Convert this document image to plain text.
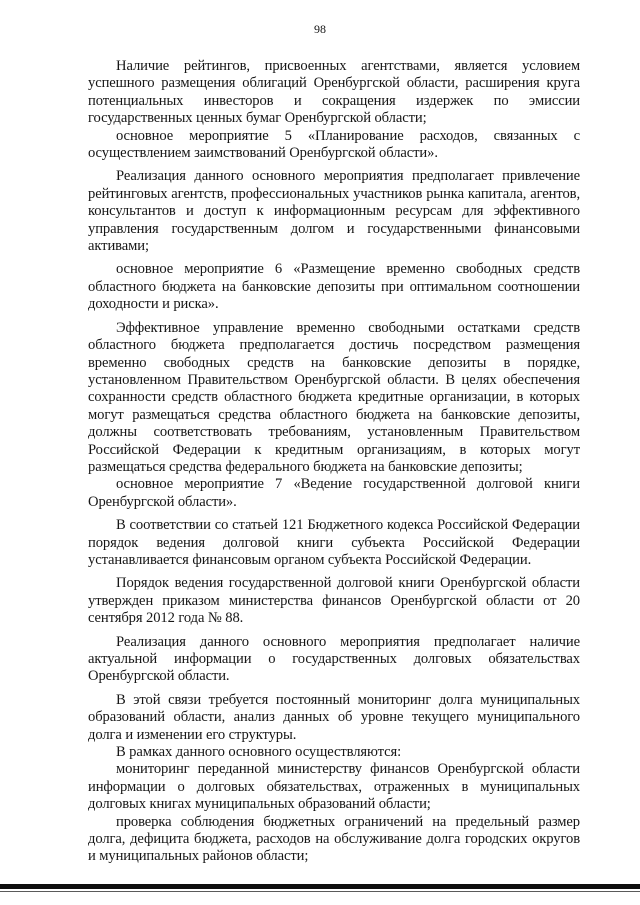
98

Наличие рейтингов, присвоенных агентствами, является условием успешного размещения облигаций Оренбургской области, расширения круга потенциальных инвесторов и сокращения издержек по эмиссии государственных ценных бумаг Оренбургской области;

основное мероприятие 5 «Планирование расходов, связанных с осуществлением заимствований Оренбургской области».

Реализация данного основного мероприятия предполагает привлечение рейтинговых агентств, профессиональных участников рынка капитала, агентов, консультантов и доступ к информационным ресурсам для эффективного управления государственным долгом и государственными финансовыми активами;

основное мероприятие 6 «Размещение временно свободных средств областного бюджета на банковские депозиты при оптимальном соотношении доходности и риска».

Эффективное управление временно свободными остатками средств областного бюджета предполагается достичь посредством размещения временно свободных средств на банковские депозиты в порядке, установленном Правительством Оренбургской области. В целях обеспечения сохранности средств областного бюджета кредитные организации, в которых могут размещаться средства областного бюджета на банковские депозиты, должны соответствовать требованиям, установленным Правительством Российской Федерации к кредитным организациям, в которых могут размещаться средства федерального бюджета на банковские депозиты;

основное мероприятие 7 «Ведение государственной долговой книги Оренбургской области».

В соответствии со статьей 121 Бюджетного кодекса Российской Федерации порядок ведения долговой книги субъекта Российской Федерации устанавливается финансовым органом субъекта Российской Федерации.

Порядок ведения государственной долговой книги Оренбургской области утвержден приказом министерства финансов Оренбургской области от 20 сентября 2012 года № 88.

Реализация данного основного мероприятия предполагает наличие актуальной информации о государственных долговых обязательствах Оренбургской области.

В этой связи требуется постоянный мониторинг долга муниципальных образований области, анализ данных об уровне текущего муниципального долга и изменении его структуры.

В рамках данного основного осуществляются:

мониторинг переданной министерству финансов Оренбургской области информации о долговых обязательствах, отраженных в муниципальных долговых книгах муниципальных образований области;

проверка соблюдения бюджетных ограничений на предельный размер долга, дефицита бюджета, расходов на обслуживание долга городских округов и муниципальных районов области;
